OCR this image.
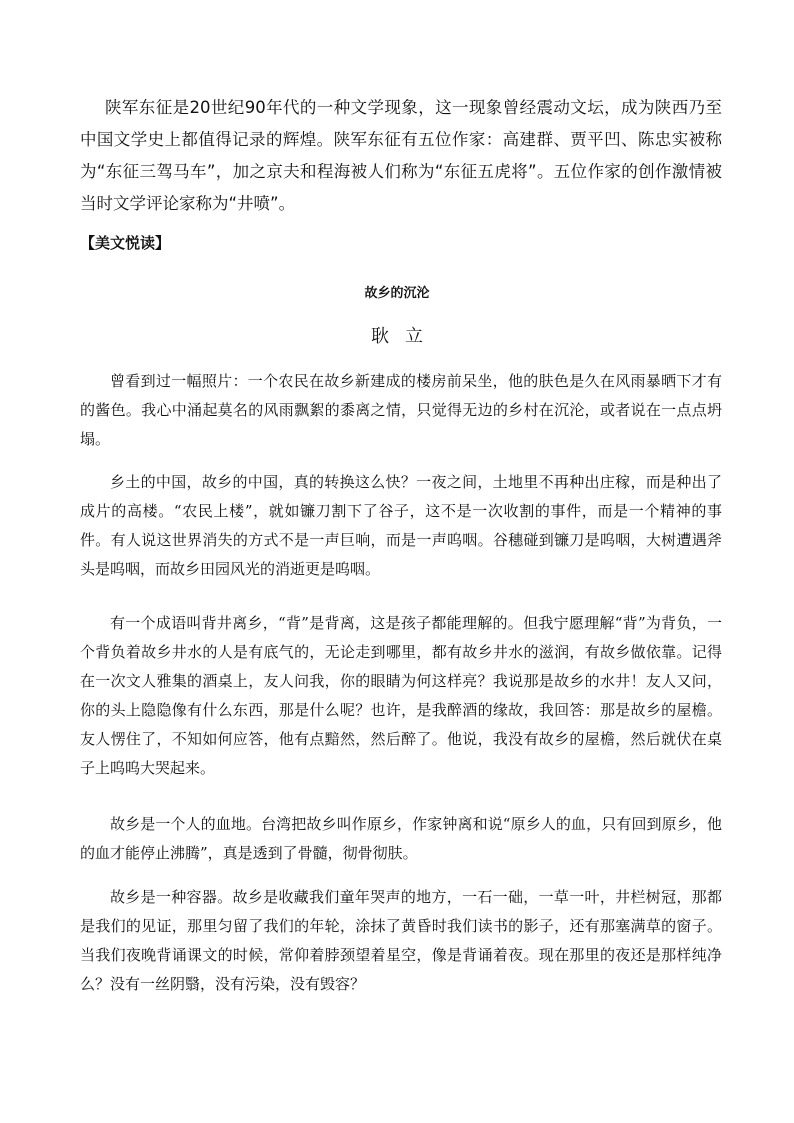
陕军东征是20世纪90年代的一种文学现象，这一现象曾经震动文坛，成为陕西乃至中国文学史上都值得记录的辉煌。陕军东征有五位作家：高建群、贾平凹、陈忠实被称为“东征三驾马车”，加之京夫和程海被人们称为“东征五虎将”。五位作家的创作激情被当时文学评论家称为“井喷”。

【美文悦读】

故乡的沉沦

耿立

曾看到过一幅照片：一个农民在故乡新建成的楼房前呆坐，他的肤色是久在风雨暴晒下才有的酱色。我心中涌起莫名的风雨飘絮的黍离之情，只觉得无边的乡村在沉沦，或者说在一点点坍塌。

乡土的中国，故乡的中国，真的转换这么快？一夜之间，土地里不再种出庄稼，而是种出了成片的高楼。“农民上楼”，就如镰刀割下了谷子，这不是一次收割的事件，而是一个精神的事件。有人说这世界消失的方式不是一声巨响，而是一声呜咽。谷穗碰到镰刀是呜咽，大树遭遇斧头是呜咽，而故乡田园风光的消逝更是呜咽。

有一个成语叫背井离乡，“背”是背离，这是孩子都能理解的。但我宁愿理解“背”为背负，一个背负着故乡井水的人是有底气的，无论走到哪里，都有故乡井水的滋润，有故乡做依靠。记得在一次文人雅集的酒桌上，友人问我，你的眼睛为何这样亮？我说那是故乡的水井！友人又问，你的头上隐隐像有什么东西，那是什么呢？也许，是我醉酒的缘故，我回答：那是故乡的屋檐。友人愣住了，不知如何应答，他有点黯然，然后醉了。他说，我没有故乡的屋檐，然后就伏在桌子上呜呜大哭起来。

故乡是一个人的血地。台湾把故乡叫作原乡，作家钟离和说“原乡人的血，只有回到原乡，他的血才能停止沸腾”，真是透到了骨髓，彻骨彻肤。

故乡是一种容器。故乡是收藏我们童年哭声的地方，一石一础，一草一叶，井栏树冠，那都是我们的见证，那里匀留了我们的年轮，涂抹了黄昏时我们读书的影子，还有那塞满草的窗子。当我们夜晚背诵课文的时候，常仰着脖颈望着星空，像是背诵着夜。现在那里的夜还是那样纯净么？没有一丝阴翳，没有污染，没有毁容？
